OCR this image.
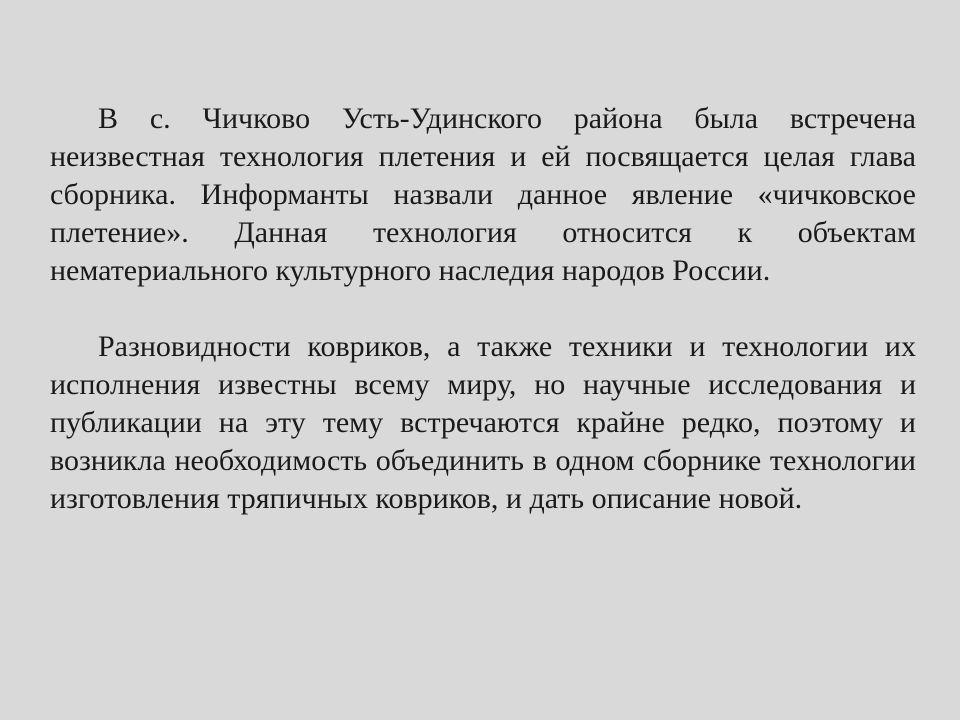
В с. Чичково Усть-Удинского района была встречена неизвестная технология плетения и ей посвящается целая глава сборника. Информанты назвали данное явление «чичковское плетение». Данная технология относится к объектам нематериального культурного наследия народов России.

Разновидности ковриков, а также техники и технологии их исполнения известны всему миру, но научные исследования и публикации на эту тему встречаются крайне редко, поэтому и возникла необходимость объединить в одном сборнике технологии изготовления тряпичных ковриков, и дать описание новой.
